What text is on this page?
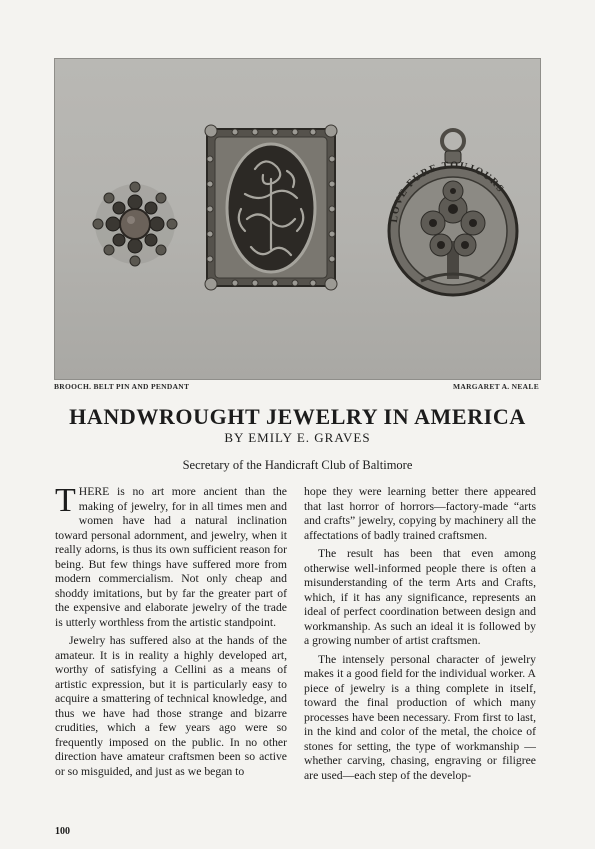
LOVE FURE TOUJOURS
BROOCH. BELT PIN AND PENDANT	MARGARET A. NEALE
HANDWROUGHT JEWELRY IN AMERICA
BY EMILY E. GRAVES
Secretary of the Handicraft Club of Baltimore

T HERE is no art more ancient than the making of jewelry, for in all times men and women have had a natural inclination toward personal adornment, and jewelry, when it really adorns, is thus its own sufficient reason for being. But few things have suffered more from modern commercialism. Not only cheap and shoddy imitations, but by far the greater part of the expensive and elaborate jewelry of the trade is utterly worthless from the artistic standpoint.

Jewelry has suffered also at the hands of the amateur. It is in reality a highly developed art, worthy of satisfying a Cellini as a means of artistic expression, but it is particularly easy to acquire a smattering of technical knowledge, and thus we have had those strange and bizarre crudities, which a few years ago were so frequently imposed on the public. In no other direction have amateur craftsmen been so active or so misguided, and just as we began to

hope they were learning better there appeared that last horror of horrors—factory-made “arts and crafts” jewelry, copying by machinery all the affectations of badly trained craftsmen.

The result has been that even among otherwise well-informed people there is often a misunderstanding of the term Arts and Crafts, which, if it has any significance, represents an ideal of perfect coordination between design and workmanship. As such an ideal it is followed by a growing number of artist craftsmen.

The intensely personal character of jewelry makes it a good field for the individual worker. A piece of jewelry is a thing complete in itself, toward the final production of which many processes have been necessary. From first to last, in the kind and color of the metal, the choice of stones for setting, the type of workmanship —whether carving, chasing, engraving or filigree are used—each step of the develop-

100
